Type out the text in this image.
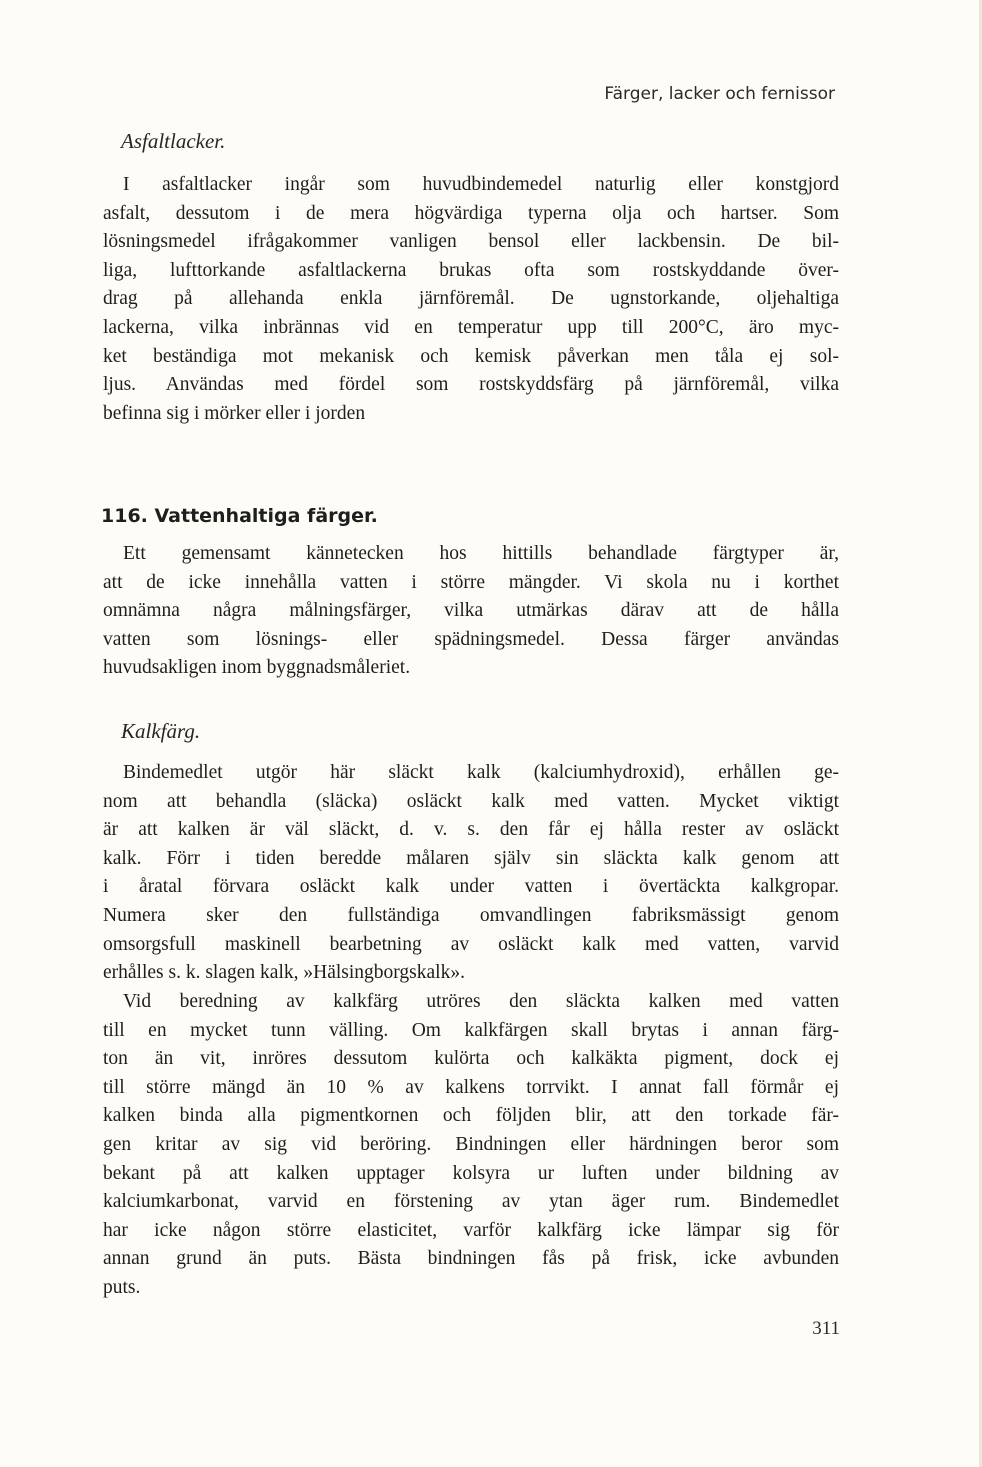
Färger, lacker och fernissor
Asfaltlacker.
I asfaltlacker ingår som huvudbindemedel naturlig eller konstgjord
asfalt, dessutom i de mera högvärdiga typerna olja och hartser. Som
lösningsmedel ifrågakommer vanligen bensol eller lackbensin. De bil-
liga, lufttorkande asfaltlackerna brukas ofta som rostskyddande över-
drag på allehanda enkla järnföremål. De ugnstorkande, oljehaltiga
lackerna, vilka inbrännas vid en temperatur upp till 200°C, äro myc-
ket beständiga mot mekanisk och kemisk påverkan men tåla ej sol-
ljus. Användas med fördel som rostskyddsfärg på järnföremål, vilka
befinna sig i mörker eller i jorden
116. Vattenhaltiga färger.
Ett gemensamt kännetecken hos hittills behandlade färgtyper är,
att de icke innehålla vatten i större mängder. Vi skola nu i korthet
omnämna några målningsfärger, vilka utmärkas därav att de hålla
vatten som lösnings- eller spädningsmedel. Dessa färger användas
huvudsakligen inom byggnadsmåleriet.
Kalkfärg.
Bindemedlet utgör här släckt kalk (kalciumhydroxid), erhållen ge-
nom att behandla (släcka) osläckt kalk med vatten. Mycket viktigt
är att kalken är väl släckt, d. v. s. den får ej hålla rester av osläckt
kalk. Förr i tiden beredde målaren själv sin släckta kalk genom att
i åratal förvara osläckt kalk under vatten i övertäckta kalkgropar.
Numera sker den fullständiga omvandlingen fabriksmässigt genom
omsorgsfull maskinell bearbetning av osläckt kalk med vatten, varvid
erhålles s. k. slagen kalk, »Hälsingborgskalk».
Vid beredning av kalkfärg utröres den släckta kalken med vatten
till en mycket tunn välling. Om kalkfärgen skall brytas i annan färg-
ton än vit, inröres dessutom kulörta och kalkäkta pigment, dock ej
till större mängd än 10 % av kalkens torrvikt. I annat fall förmår ej
kalken binda alla pigmentkornen och följden blir, att den torkade fär-
gen kritar av sig vid beröring. Bindningen eller härdningen beror som
bekant på att kalken upptager kolsyra ur luften under bildning av
kalciumkarbonat, varvid en förstening av ytan äger rum. Bindemedlet
har icke någon större elasticitet, varför kalkfärg icke lämpar sig för
annan grund än puts. Bästa bindningen fås på frisk, icke avbunden
puts.
311
